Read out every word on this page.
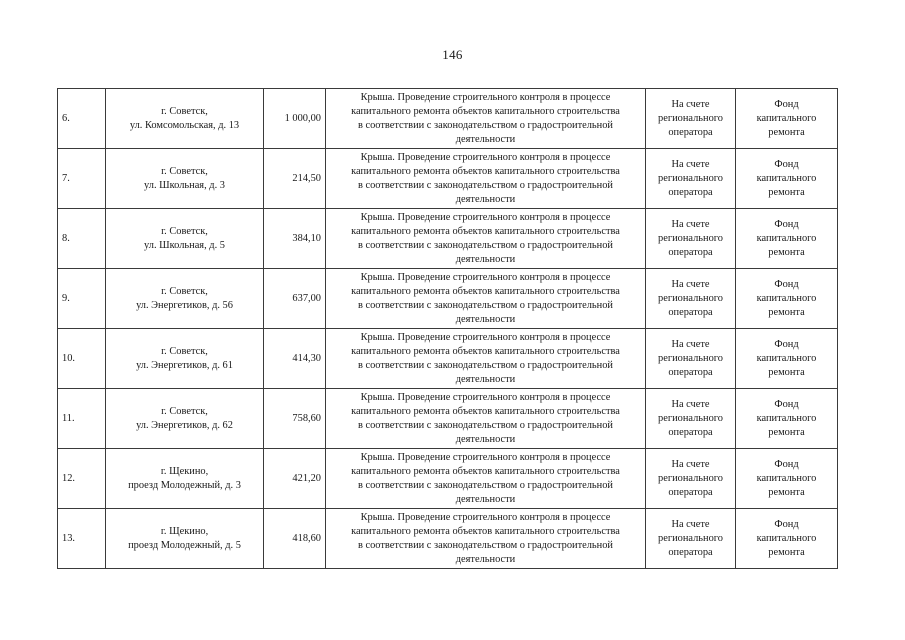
146
6.	г. Советск,
ул. Комсомольская, д. 13	1 000,00	Крыша. Проведение строительного контроля в процессе
капитального ремонта объектов капитального строительства
в соответствии с законодательством о градостроительной
деятельности	На счете
регионального
оператора	Фонд
капитального
ремонта

7.	г. Советск,
ул. Школьная, д. 3	214,50	Крыша. Проведение строительного контроля в процессе
капитального ремонта объектов капитального строительства
в соответствии с законодательством о градостроительной
деятельности	На счете
регионального
оператора	Фонд
капитального
ремонта

8.	г. Советск,
ул. Школьная, д. 5	384,10	Крыша. Проведение строительного контроля в процессе
капитального ремонта объектов капитального строительства
в соответствии с законодательством о градостроительной
деятельности	На счете
регионального
оператора	Фонд
капитального
ремонта

9.	г. Советск,
ул. Энергетиков, д. 56	637,00	Крыша. Проведение строительного контроля в процессе
капитального ремонта объектов капитального строительства
в соответствии с законодательством о градостроительной
деятельности	На счете
регионального
оператора	Фонд
капитального
ремонта

10.	г. Советск,
ул. Энергетиков, д. 61	414,30	Крыша. Проведение строительного контроля в процессе
капитального ремонта объектов капитального строительства
в соответствии с законодательством о градостроительной
деятельности	На счете
регионального
оператора	Фонд
капитального
ремонта

11.	г. Советск,
ул. Энергетиков, д. 62	758,60	Крыша. Проведение строительного контроля в процессе
капитального ремонта объектов капитального строительства
в соответствии с законодательством о градостроительной
деятельности	На счете
регионального
оператора	Фонд
капитального
ремонта

12.	г. Щекино,
проезд Молодежный, д. 3	421,20	Крыша. Проведение строительного контроля в процессе
капитального ремонта объектов капитального строительства
в соответствии с законодательством о градостроительной
деятельности	На счете
регионального
оператора	Фонд
капитального
ремонта

13.	г. Щекино,
проезд Молодежный, д. 5	418,60	Крыша. Проведение строительного контроля в процессе
капитального ремонта объектов капитального строительства
в соответствии с законодательством о градостроительной
деятельности	На счете
регионального
оператора	Фонд
капитального
ремонта
